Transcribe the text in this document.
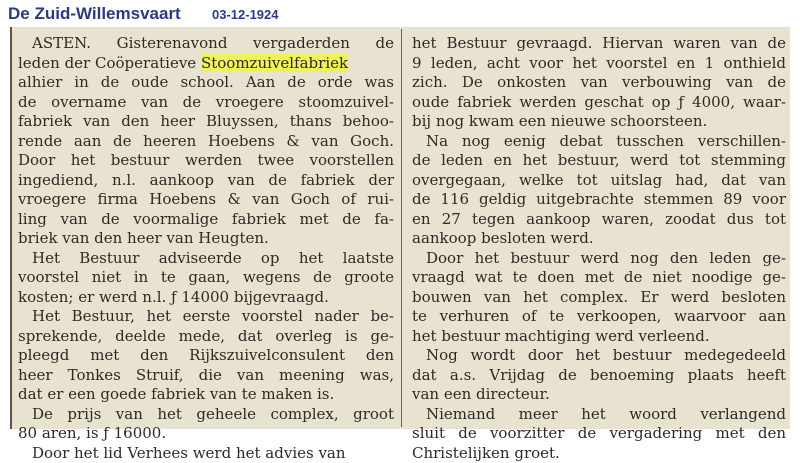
De Zuid-Willemsvaart 03-12-1924
ASTEN. Gisterenavond vergaderden de
leden der Coöperatieve Stoomzuivelfabriek
alhier in de oude school. Aan de orde was
de overname van de vroegere stoomzuivel-
fabriek van den heer Bluyssen, thans behoo-
rende aan de heeren Hoebens & van Goch.
Door het bestuur werden twee voorstellen
ingediend, n.l. aankoop van de fabriek der
vroegere firma Hoebens & van Goch of rui-
ling van de voormalige fabriek met de fa-
briek van den heer van Heugten.
Het Bestuur adviseerde op het laatste
voorstel niet in te gaan, wegens de groote
kosten; er werd n.l. ƒ 14000 bijgevraagd.
Het Bestuur, het eerste voorstel nader be-
sprekende, deelde mede, dat overleg is ge-
pleegd met den Rijkszuivelconsulent den
heer Tonkes Struif, die van meening was,
dat er een goede fabriek van te maken is.
De prijs van het geheele complex, groot
80 aren, is ƒ 16000.
Door het lid Verhees werd het advies van
het Bestuur gevraagd. Hiervan waren van de
9 leden, acht voor het voorstel en 1 onthield
zich. De onkosten van verbouwing van de
oude fabriek werden geschat op ƒ 4000, waar-
bij nog kwam een nieuwe schoorsteen.
Na nog eenig debat tusschen verschillen-
de leden en het bestuur, werd tot stemming
overgegaan, welke tot uitslag had, dat van
de 116 geldig uitgebrachte stemmen 89 voor
en 27 tegen aankoop waren, zoodat dus tot
aankoop besloten werd.
Door het bestuur werd nog den leden ge-
vraagd wat te doen met de niet noodige ge-
bouwen van het complex. Er werd besloten
te verhuren of te verkoopen, waarvoor aan
het bestuur machtiging werd verleend.
Nog wordt door het bestuur medegedeeld
dat a.s. Vrijdag de benoeming plaats heeft
van een directeur.
Niemand meer het woord verlangend
sluit de voorzitter de vergadering met den
Christelijken groet.
